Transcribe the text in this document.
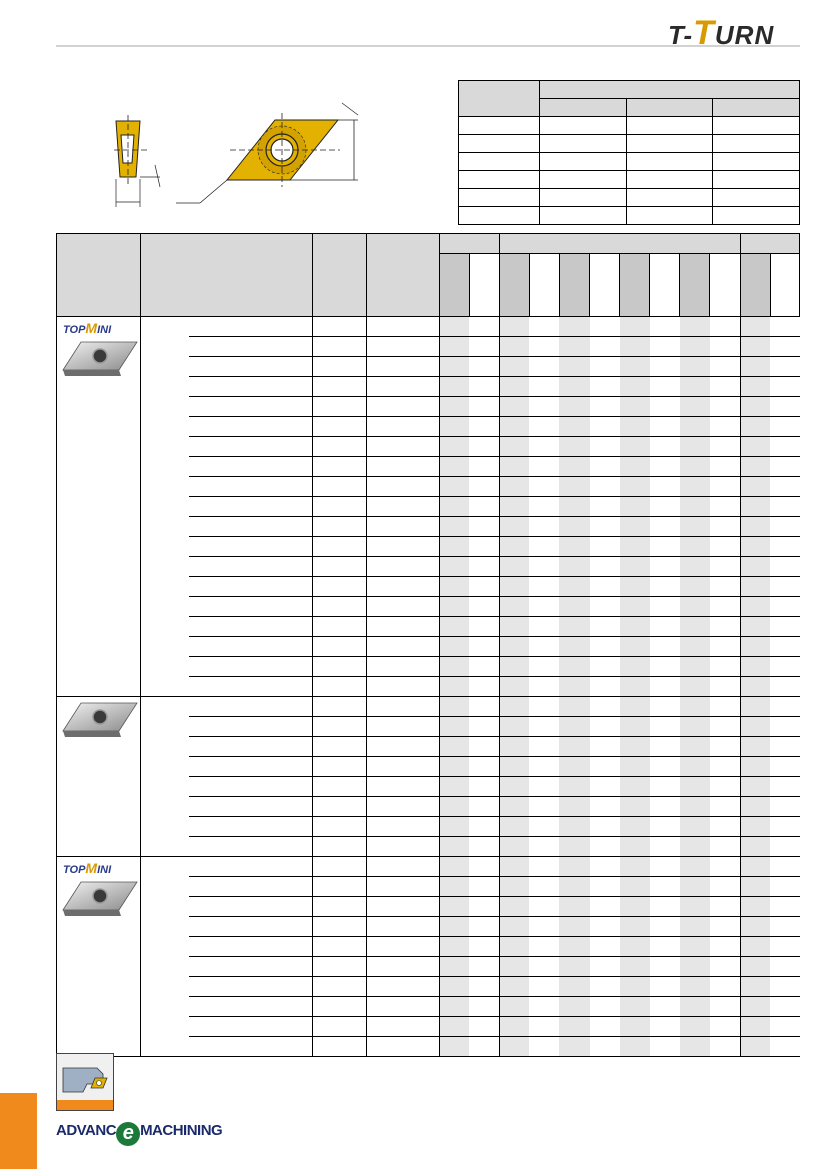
T-TURN

TOPMINI																

TOPMINI																

ADVANC e MACHINING
